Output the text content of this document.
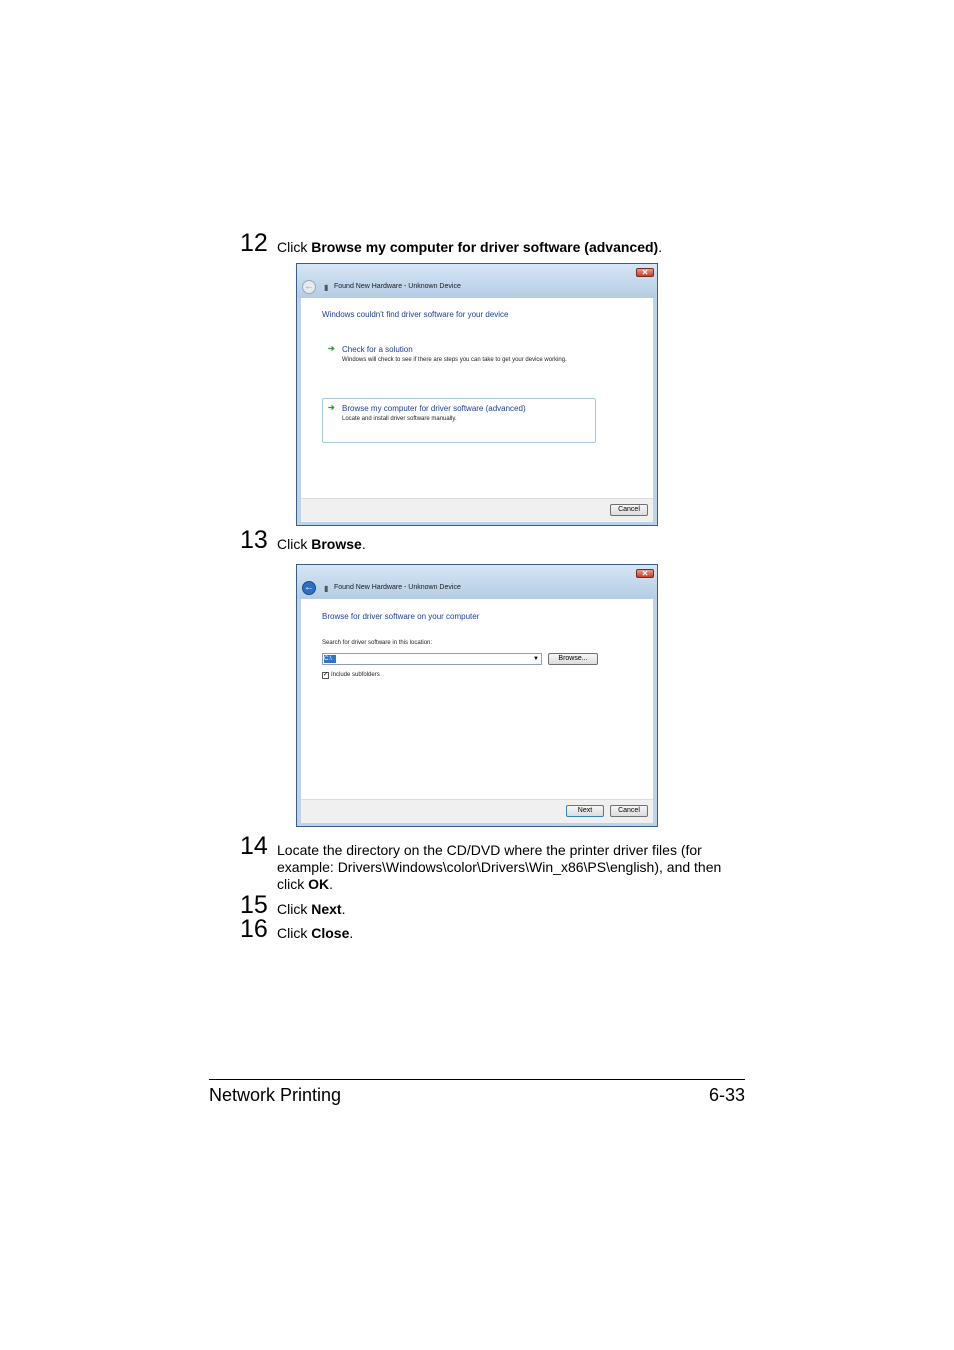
12 Click Browse my computer for driver software (advanced).
✕
← ▮ Found New Hardware - Unknown Device
Windows couldn't find driver software for your device
➔ Check for a solution
Windows will check to see if there are steps you can take to get your device working.
➔ Browse my computer for driver software (advanced)
Locate and install driver software manually.
Cancel
13 Click Browse.
✕
← ▮ Found New Hardware - Unknown Device
Browse for driver software on your computer
Search for driver software in this location:
C:\	▼	Browse...
✓ Include subfolders
Next	Cancel
14 Locate the directory on the CD/DVD where the printer driver files (for example: Drivers\Windows\color\Drivers\Win_x86\PS\english), and then click OK.
15 Click Next.
16 Click Close.
Network Printing	6-33
